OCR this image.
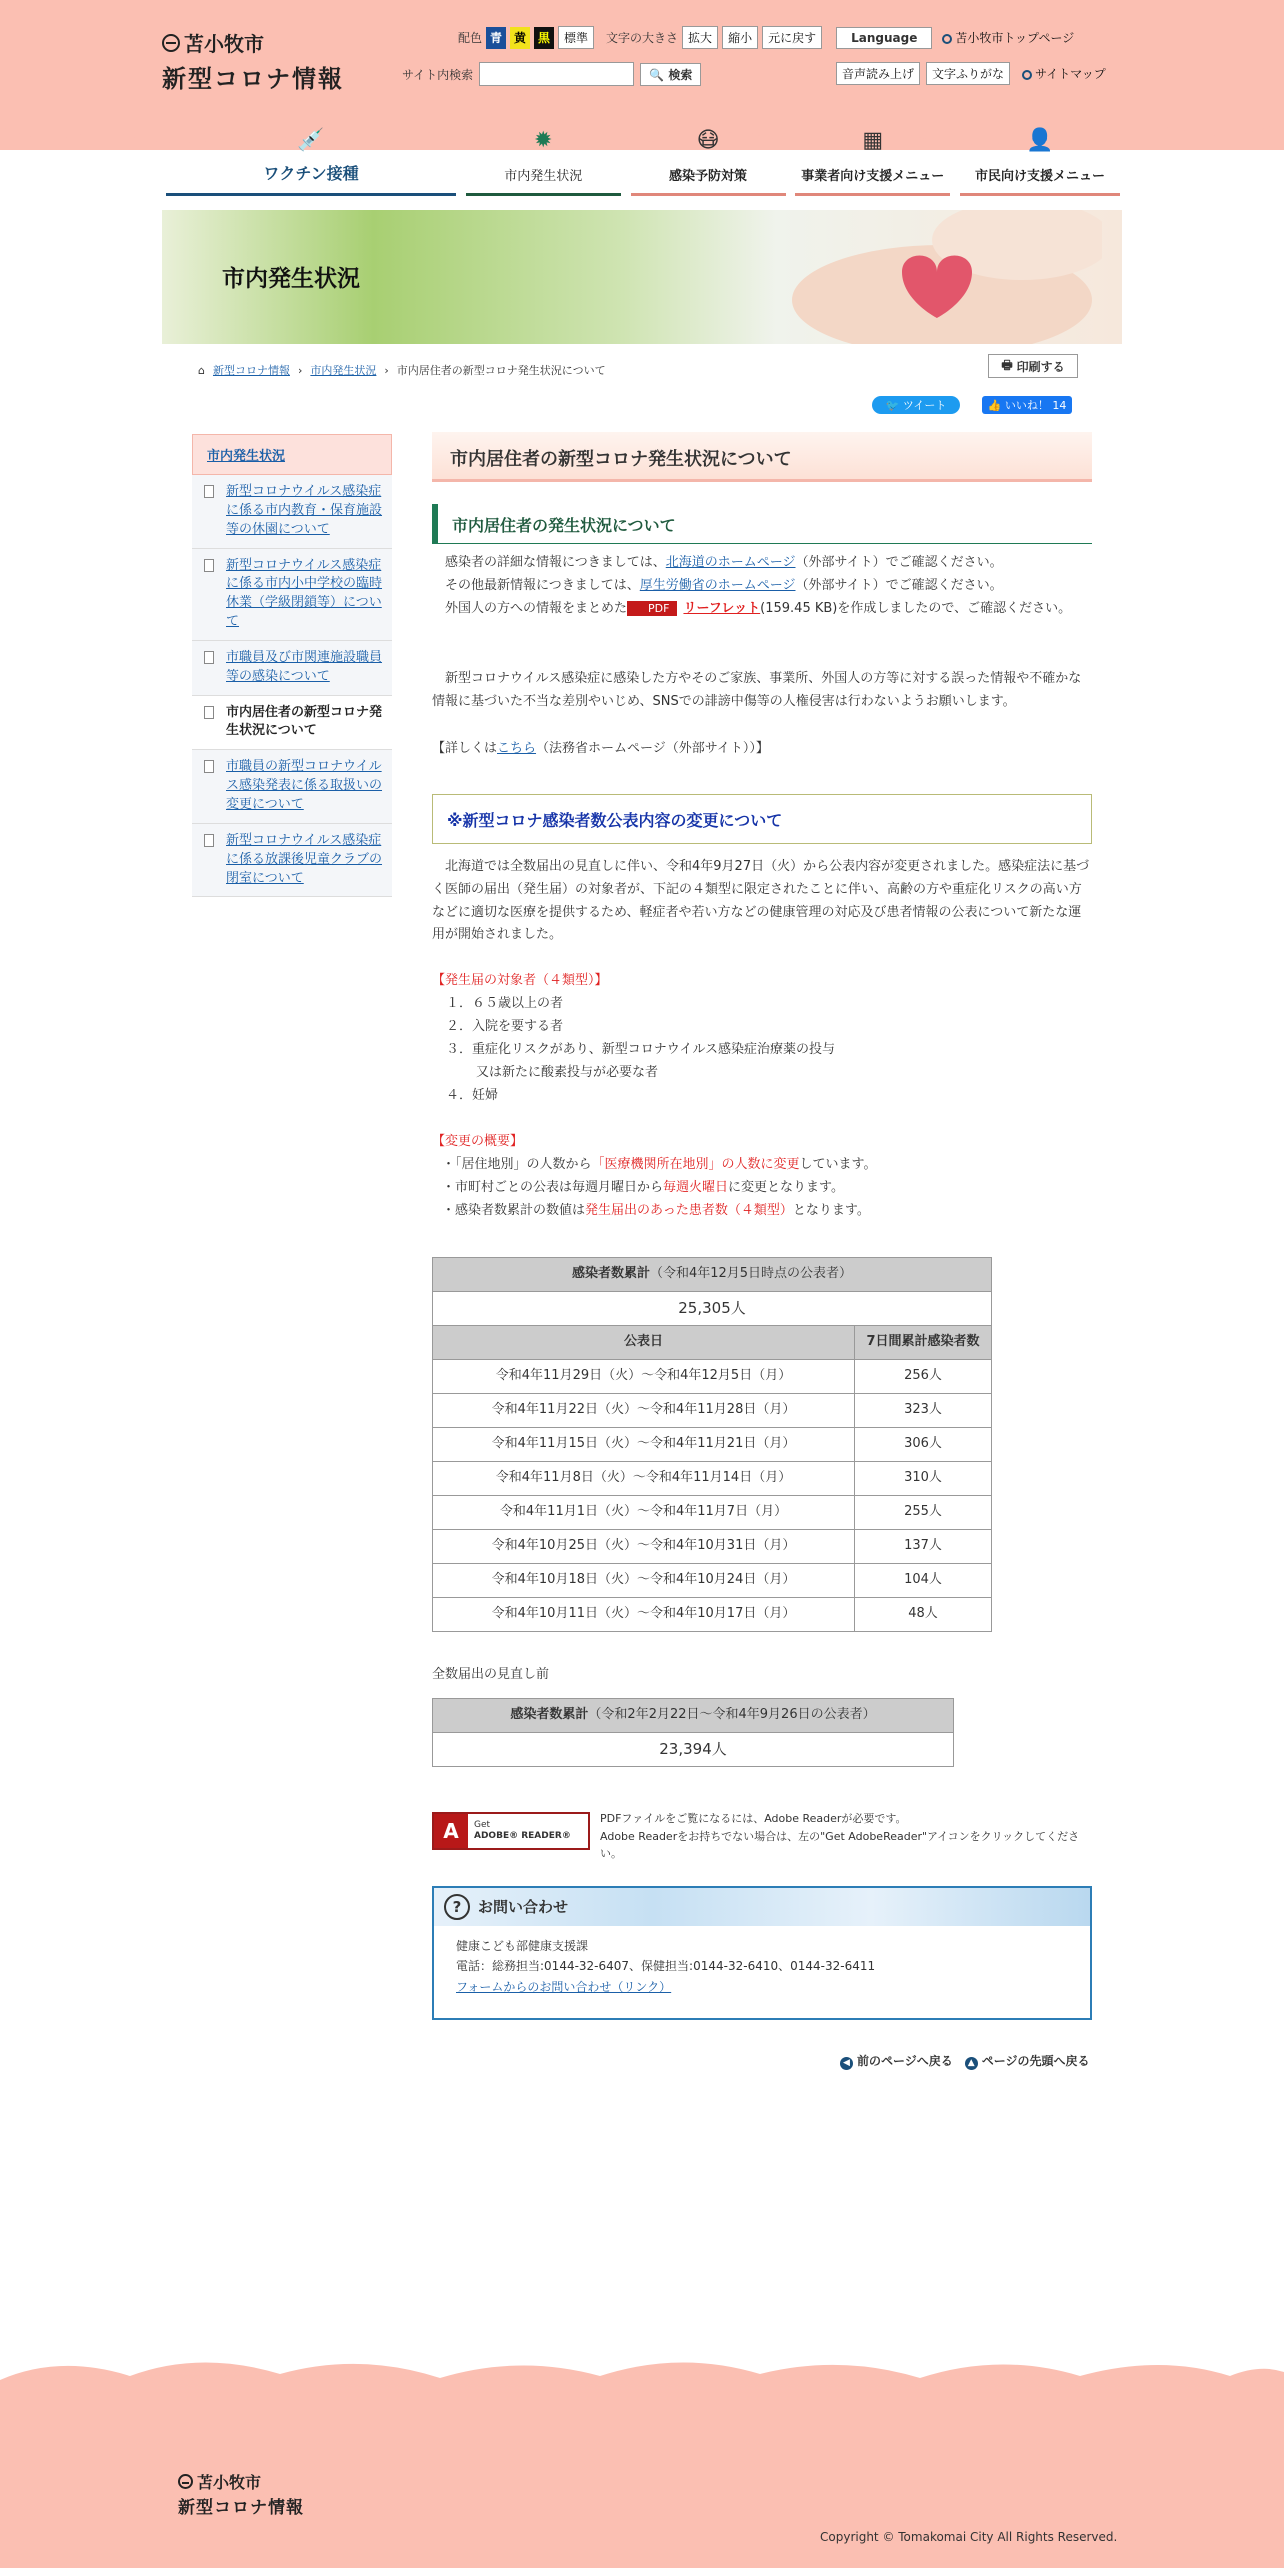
苫小牧市
新型コロナ情報
配色 青 黄 黒	標準	文字の大きさ 拡大	縮小	元に戻す	Language	苫小牧市トップページ
サイト内検索	🔍 検索	音声読み上げ	文字ふりがな	サイトマップ
💉
ワクチン接種
✹
市内発生状況
😷
感染予防対策
▦
事業者向け支援メニュー
👤
市民向け支援メニュー
市内発生状況
⌂ 新型コロナ情報 › 市内発生状況 › 市内居住者の新型コロナ発生状況について	🖶 印刷する
🐦
ツイート	👍
いいね！ 14
市内発生状況
新型コロナウイルス感染症に係る市内教育・保育施設等の休園について
新型コロナウイルス感染症に係る市内小中学校の臨時休業（学級閉鎖等）について
市職員及び市関連施設職員等の感染について
市内居住者の新型コロナ発生状況について
市職員の新型コロナウイルス感染発表に係る取扱いの変更について
新型コロナウイルス感染症に係る放課後児童クラブの閉室について
市内居住者の新型コロナ発生状況について
市内居住者の発生状況について
感染者の詳細な情報につきましては、北海道のホームページ（外部サイト）でご確認ください。
その他最新情報につきましては、厚生労働省のホームページ（外部サイト）でご確認ください。
外国人の方への情報をまとめた PDF リーフレット(159.45 KB)を作成しましたので、ご確認ください。
新型コロナウイルス感染症に感染した方やそのご家族、事業所、外国人の方等に対する誤った情報や不確かな情報に基づいた不当な差別やいじめ、SNSでの誹謗中傷等の人権侵害は行わないようお願いします。
【詳しくはこちら（法務省ホームページ（外部サイト））】
※新型コロナ感染者数公表内容の変更について
北海道では全数届出の見直しに伴い、令和4年9月27日（火）から公表内容が変更されました。感染症法に基づく医師の届出（発生届）の対象者が、下記の４類型に限定されたことに伴い、高齢の方や重症化リスクの高い方などに適切な医療を提供するため、軽症者や若い方などの健康管理の対応及び患者情報の公表について新たな運用が開始されました。
【発生届の対象者（４類型）】
１．６５歳以上の者
２．入院を要する者
３．重症化リスクがあり、新型コロナウイルス感染症治療薬の投与
又は新たに酸素投与が必要な者
４．妊婦
【変更の概要】
・「居住地別」の人数から「医療機関所在地別」の人数に変更しています。
・市町村ごとの公表は毎週月曜日から毎週火曜日に変更となります。
・感染者数累計の数値は発生届出のあった患者数（４類型）となります。
感染者数累計（令和4年12月5日時点の公表者）	
25,305人	
公表日	7日間累計感染者数
令和4年11月29日（火）～令和4年12月5日（月）	256人
令和4年11月22日（火）～令和4年11月28日（月）	323人
令和4年11月15日（火）～令和4年11月21日（月）	306人
令和4年11月8日（火）～令和4年11月14日（月）	310人
令和4年11月1日（火）～令和4年11月7日（月）	255人
令和4年10月25日（火）～令和4年10月31日（月）	137人
令和4年10月18日（火）～令和4年10月24日（月）	104人
令和4年10月11日（火）～令和4年10月17日（月）	48人
全数届出の見直し前
感染者数累計（令和2年2月22日～令和4年9月26日の公表者）
23,394人
A	Get
ADOBE® READER®
PDFファイルをご覧になるには、Adobe Readerが必要です。
Adobe Readerをお持ちでない場合は、左の"Get AdobeReader"アイコンをクリックしてください。
?	お問い合わせ
健康こども部健康支援課
電話：総務担当:0144-32-6407、保健担当:0144-32-6410、0144-32-6411
フォームからのお問い合わせ（リンク）
◀ 前のページへ戻る	▲ ページの先頭へ戻る
苫小牧市
新型コロナ情報
Copyright © Tomakomai City All Rights Reserved.
